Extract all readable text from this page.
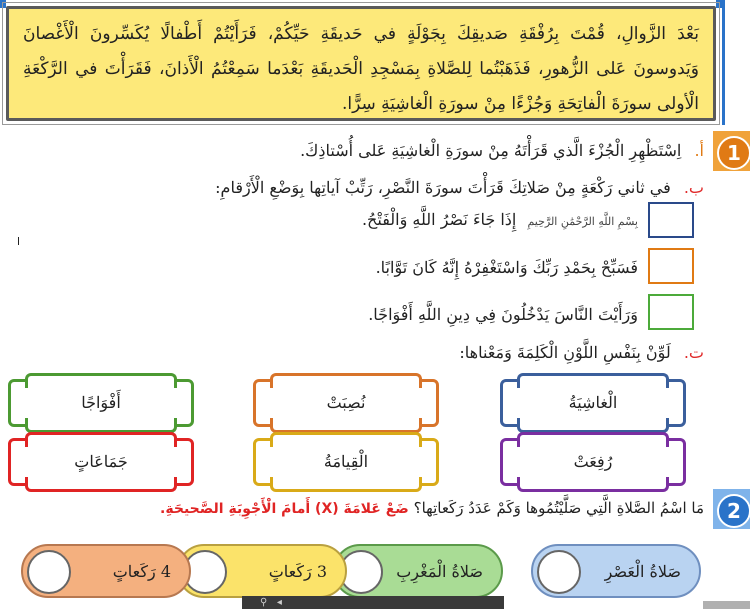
بَعْدَ الزَّوالِ، قُمْتَ بِرُفْقَةِ صَديقِكَ بِجَوْلَةٍ في حَديقَةِ حَيِّكُمْ، فَرَأَيْتُمْ أَطْفالًا يُكَسِّرونَ الْأَغْصانَ وَيَدوسونَ عَلى الزُّهورِ، فَذَهَبْتُما لِلصَّلاةِ بِمَسْجِدِ الْحَديقَةِ بَعْدَما سَمِعْتُمُ الْأَذانَ، فَقَرَأْتَ في الرَّكْعَةِ الْأولى سورَةَ الْفاتِحَةِ وَجُزْءًا مِنْ سورَةِ الْغاشِيَةِ سِرًّا.
1
أ. اِسْتَظْهِرِ الْجُزْءَ الَّذي قَرَأْتَهُ مِنْ سورَةِ الْغاشِيَةِ عَلى أُسْتاذِكَ.
ب. في ثاني رَكْعَةٍ مِنْ صَلاتِكَ قَرَأْتَ سورَةَ النَّصْرِ، رَتِّبْ آياتِها بِوَضْعِ الْأَرْقامِ:
بِسْمِ اللَّهِ الرَّحْمَٰنِ الرَّحِيمِ إِذَا جَاءَ نَصْرُ اللَّهِ وَالْفَتْحُ.
فَسَبِّحْ بِحَمْدِ رَبِّكَ وَاسْتَغْفِرْهُ إِنَّهُ كَانَ تَوَّابًا.
وَرَأَيْتَ النَّاسَ يَدْخُلُونَ فِي دِينِ اللَّهِ أَفْوَاجًا.
ت. لَوِّنْ بِنَفْسِ اللَّوْنِ الْكَلِمَةَ وَمَعْناها:
الْغاشِيَةُ
نُصِبَتْ
أَفْوَاجًا
رُفِعَتْ
الْقِيامَةُ
جَمَاعَاتٍ
2
مَا اسْمُ الصَّلاةِ الَّتِي صَلَّيْتُمُوها وَكَمْ عَدَدُ رَكَعاتِها؟ ضَعْ عَلامَةَ (X) أَمامَ الْأَجْوِبَةِ الصَّحيحَةِ.
صَلاةُ الْعَصْرِ
صَلاةُ الْمَغْرِبِ
3 رَكَعاتٍ
4 رَكَعاتٍ
◂   ⚲
